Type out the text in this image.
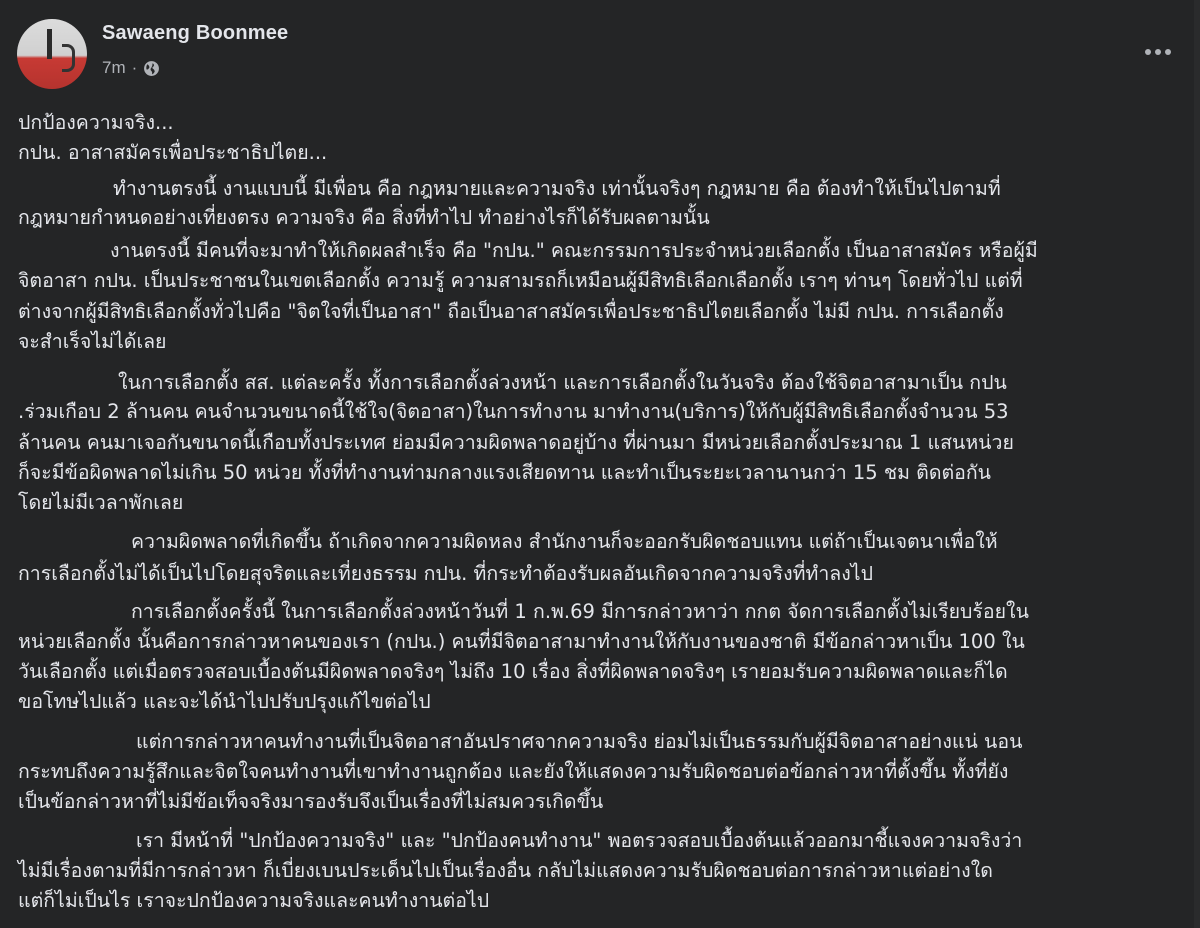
Sawaeng Boonmee
7m ·
ปกป้องความจริง...
กปน. อาสาสมัครเพื่อประชาธิปไตย...
ทำงานตรงนี้ งานแบบนี้ มีเพื่อน คือ กฎหมายและความจริง เท่านั้นจริงๆ กฎหมาย คือ ต้องทำให้เป็นไปตามที่
กฎหมายกำหนดอย่างเที่ยงตรง ความจริง คือ สิ่งที่ทำไป ทำอย่างไรก็ได้รับผลตามนั้น
งานตรงนี้ มีคนที่จะมาทำให้เกิดผลสำเร็จ คือ "กปน." คณะกรรมการประจำหน่วยเลือกตั้ง เป็นอาสาสมัคร หรือผู้มี
จิตอาสา กปน. เป็นประชาชนในเขตเลือกตั้ง ความรู้ ความสามรถก็เหมือนผู้มีสิทธิเลือกเลือกตั้ง เราๆ ท่านๆ โดยทั่วไป แต่ที่
ต่างจากผู้มีสิทธิเลือกตั้งทั่วไปคือ "จิตใจที่เป็นอาสา" ถือเป็นอาสาสมัครเพื่อประชาธิปไตยเลือกตั้ง ไม่มี กปน. การเลือกตั้ง
จะสำเร็จไม่ได้เลย
ในการเลือกตั้ง สส. แต่ละครั้ง ทั้งการเลือกตั้งล่วงหน้า และการเลือกตั้งในวันจริง ต้องใช้จิตอาสามาเป็น กปน
.ร่วมเกือบ 2 ล้านคน คนจำนวนขนาดนี้ใช้ใจ(จิตอาสา)ในการทำงาน มาทำงาน(บริการ)ให้กับผู้มีสิทธิเลือกตั้งจำนวน 53
ล้านคน คนมาเจอกันขนาดนี้เกือบทั้งประเทศ ย่อมมีความผิดพลาดอยู่บ้าง ที่ผ่านมา มีหน่วยเลือกตั้งประมาณ 1 แสนหน่วย
ก็จะมีข้อผิดพลาดไม่เกิน 50 หน่วย ทั้งที่ทำงานท่ามกลางแรงเสียดทาน และทำเป็นระยะเวลานานกว่า 15 ชม ติดต่อกัน
โดยไม่มีเวลาพักเลย
ความผิดพลาดที่เกิดขึ้น ถ้าเกิดจากความผิดหลง สำนักงานก็จะออกรับผิดชอบแทน แต่ถ้าเป็นเจตนาเพื่อให้
การเลือกตั้งไม่ได้เป็นไปโดยสุจริตและเที่ยงธรรม กปน. ที่กระทำต้องรับผลอันเกิดจากความจริงที่ทำลงไป
การเลือกตั้งครั้งนี้ ในการเลือกตั้งล่วงหน้าวันที่ 1 ก.พ.69 มีการกล่าวหาว่า กกต จัดการเลือกตั้งไม่เรียบร้อยใน
หน่วยเลือกตั้ง นั้นคือการกล่าวหาคนของเรา (กปน.) คนที่มีจิตอาสามาทำงานให้กับงานของชาติ มีข้อกล่าวหาเป็น 100 ใน
วันเลือกตั้ง แต่เมื่อตรวจสอบเบื้องต้นมีผิดพลาดจริงๆ ไม่ถึง 10 เรื่อง สิ่งที่ผิดพลาดจริงๆ เรายอมรับความผิดพลาดและก็ได
ขอโทษไปแล้ว และจะได้นำไปปรับปรุงแก้ไขต่อไป
แต่การกล่าวหาคนทำงานที่เป็นจิตอาสาอันปราศจากความจริง ย่อมไม่เป็นธรรมกับผู้มีจิตอาสาอย่างแน่ นอน
กระทบถึงความรู้สึกและจิตใจคนทำงานที่เขาทำงานถูกต้อง และยังให้แสดงความรับผิดชอบต่อข้อกล่าวหาที่ตั้งขึ้น ทั้งที่ยัง
เป็นข้อกล่าวหาที่ไม่มีข้อเท็จจริงมารองรับจึงเป็นเรื่องที่ไม่สมควรเกิดขึ้น
เรา มีหน้าที่ "ปกป้องความจริง" และ "ปกป้องคนทำงาน" พอตรวจสอบเบื้องต้นแล้วออกมาชี้แจงความจริงว่า
ไม่มีเรื่องตามที่มีการกล่าวหา ก็เบี่ยงเบนประเด็นไปเป็นเรื่องอื่น กลับไม่แสดงความรับผิดชอบต่อการกล่าวหาแต่อย่างใด
แต่ก็ไม่เป็นไร เราจะปกป้องความจริงและคนทำงานต่อไป
